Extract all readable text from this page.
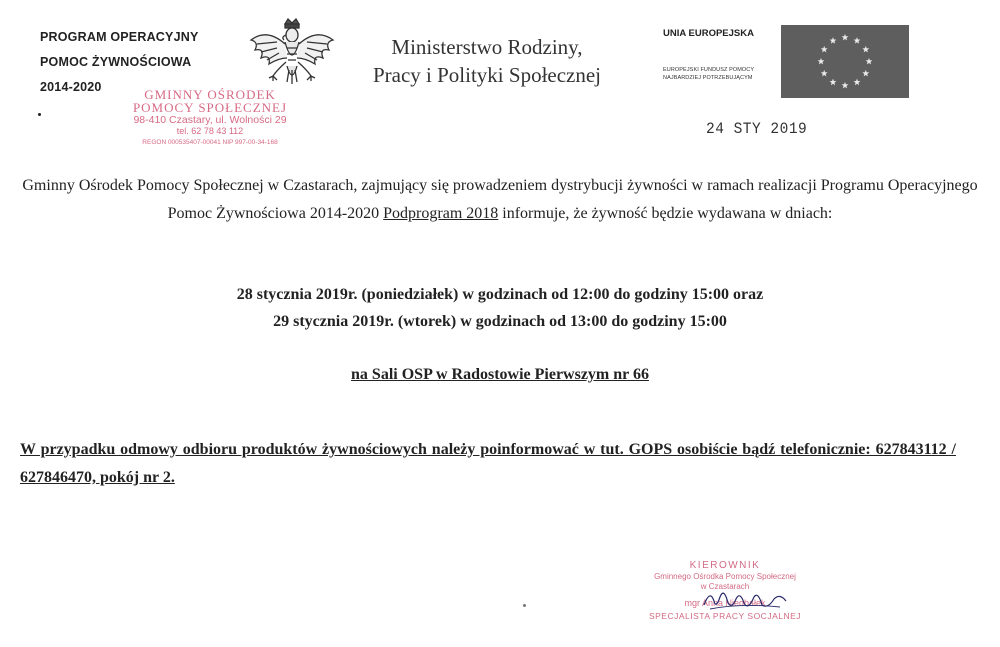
PROGRAM OPERACYJNY
POMOC ŻYWNOŚCIOWA
2014-2020
Ministerstwo Rodziny,
Pracy i Polityki Społecznej
UNIA EUROPEJSKA
EUROPEJSKI FUNDUSZ POMOCY
NAJBARDZIEJ POTRZEBUJĄCYM
GMINNY OŚRODEK
POMOCY SPOŁECZNEJ
98-410 Czastary, ul. Wolności 29
tel. 62 78 43 112
REGON 000535407-00041 NIP 997-00-34-168
24 STY 2019
Gminny Ośrodek Pomocy Społecznej w Czastarach, zajmujący się prowadzeniem dystrybucji żywności w ramach realizacji Programu Operacyjnego Pomoc Żywnościowa 2014-2020 Podprogram 2018 informuje, że żywność będzie wydawana w dniach:
28 stycznia 2019r. (poniedziałek) w godzinach od 12:00 do godziny 15:00 oraz
29 stycznia 2019r. (wtorek) w godzinach od 13:00 do godziny 15:00
na Sali OSP w Radostowie Pierwszym nr 66
W przypadku odmowy odbioru produktów żywnościowych należy poinformować w tut. GOPS osobiście bądź telefonicznie: 627843112 / 627846470, pokój nr 2.
KIEROWNIK
Gminnego Ośrodka Pomocy Społecznej
w Czastarach
mgr Anna Niedbałek
SPECJALISTA PRACY SOCJALNEJ
